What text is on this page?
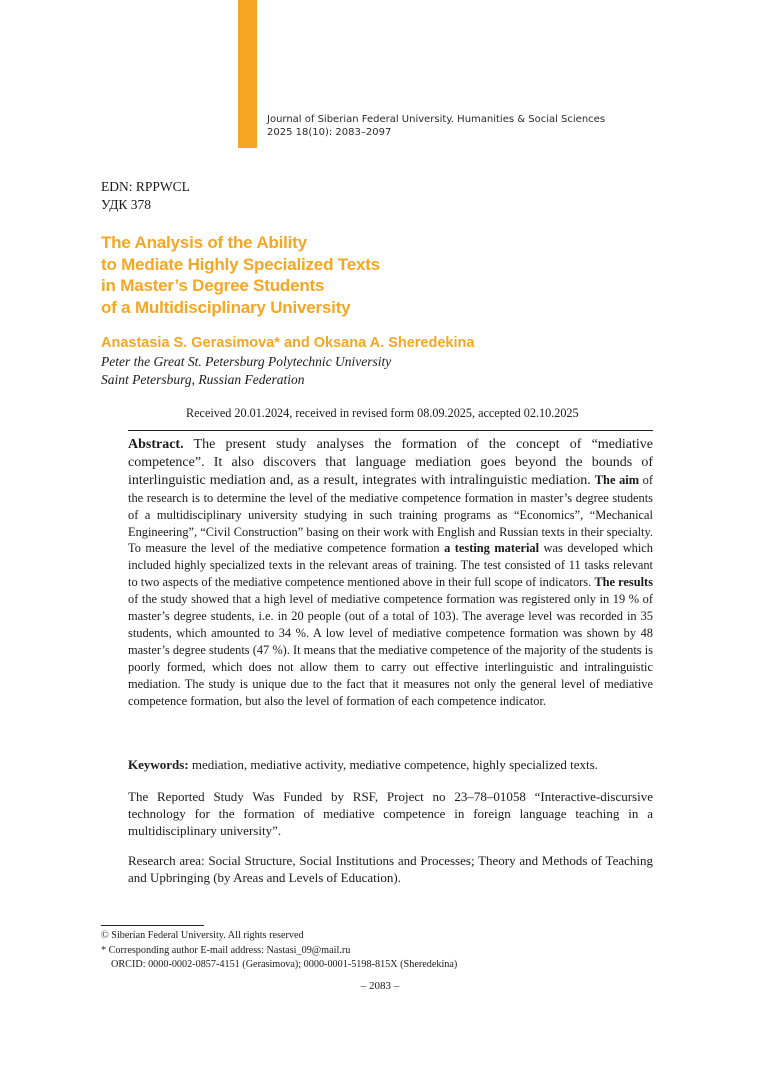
Journal of Siberian Federal University. Humanities & Social Sciences
2025 18(10): 2083–2097
EDN: RPPWCL
УДК 378
The Analysis of the Ability
to Mediate Highly Specialized Texts
in Master’s Degree Students
of a Multidisciplinary University
Anastasia S. Gerasimova* and Oksana A. Sheredekina
Peter the Great St. Petersburg Polytechnic University
Saint Petersburg, Russian Federation
Received 20.01.2024, received in revised form 08.09.2025, accepted 02.10.2025

Abstract. The present study analyses the formation of the concept of “mediative competence”. It also discovers that language mediation goes beyond the bounds of interlinguistic mediation and, as a result, integrates with intralinguistic mediation. The aim of the research is to determine the level of the mediative competence formation in master’s degree students of a multidisciplinary university studying in such training programs as “Economics”, “Mechanical Engineering”, “Civil Construction” basing on their work with English and Russian texts in their specialty. To measure the level of the mediative competence formation a testing material was developed which included highly specialized texts in the relevant areas of training. The test consisted of 11 tasks relevant to two aspects of the mediative competence mentioned above in their full scope of indicators. The results of the study showed that a high level of mediative competence formation was registered only in 19 % of master’s degree students, i.e. in 20 people (out of a total of 103). The average level was recorded in 35 students, which amounted to 34 %. A low level of mediative competence formation was shown by 48 master’s degree students (47 %). It means that the mediative competence of the majority of the students is poorly formed, which does not allow them to carry out effective interlinguistic and intralinguistic mediation. The study is unique due to the fact that it measures not only the general level of mediative competence formation, but also the level of formation of each competence indicator.

Keywords: mediation, mediative activity, mediative competence, highly specialized texts.

The Reported Study Was Funded by RSF, Project no 23–78–01058 “Interactive-discursive technology for the formation of mediative competence in foreign language teaching in a multidisciplinary university”.

Research area: Social Structure, Social Institutions and Processes; Theory and Methods of Teaching and Upbringing (by Areas and Levels of Education).

© Siberian Federal University. All rights reserved
* Corresponding author E-mail address: Nastasi_09@mail.ru
ORCID: 0000-0002-0857-4151 (Gerasimova); 0000-0001-5198-815X (Sheredekina)
– 2083 –
